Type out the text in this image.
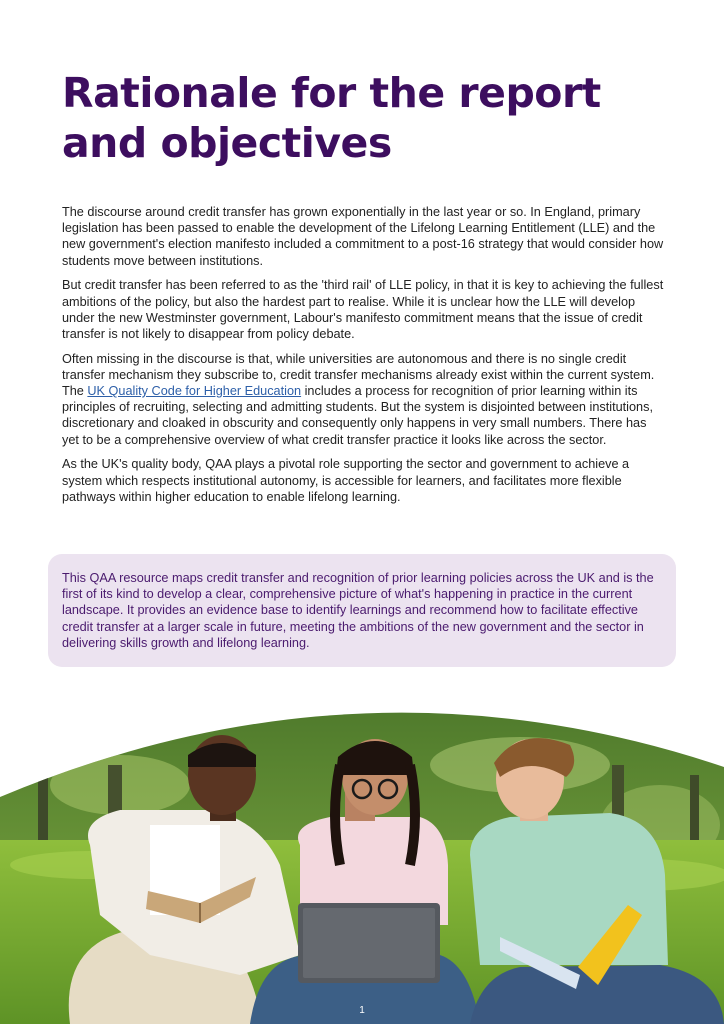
Rationale for the report
and objectives

The discourse around credit transfer has grown exponentially in the last year or so. In England, primary legislation has been passed to enable the development of the Lifelong Learning Entitlement (LLE) and the new government's election manifesto included a commitment to a post-16 strategy that would consider how students move between institutions.

But credit transfer has been referred to as the 'third rail' of LLE policy, in that it is key to achieving the fullest ambitions of the policy, but also the hardest part to realise. While it is unclear how the LLE will develop under the new Westminster government, Labour's manifesto commitment means that the issue of credit transfer is not likely to disappear from policy debate.

Often missing in the discourse is that, while universities are autonomous and there is no single credit transfer mechanism they subscribe to, credit transfer mechanisms already exist within the current system. The UK Quality Code for Higher Education includes a process for recognition of prior learning within its principles of recruiting, selecting and admitting students. But the system is disjointed between institutions, discretionary and cloaked in obscurity and consequently only happens in very small numbers. There has yet to be a comprehensive overview of what credit transfer practice it looks like across the sector.

As the UK's quality body, QAA plays a pivotal role supporting the sector and government to achieve a system which respects institutional autonomy, is accessible for learners, and facilitates more flexible pathways within higher education to enable lifelong learning.

This QAA resource maps credit transfer and recognition of prior learning policies across the UK and is the first of its kind to develop a clear, comprehensive picture of what's happening in practice in the current landscape. It provides an evidence base to identify learnings and recommend how to facilitate effective credit transfer at a larger scale in future, meeting the ambitions of the new government and the sector in delivering skills growth and lifelong learning.
1
